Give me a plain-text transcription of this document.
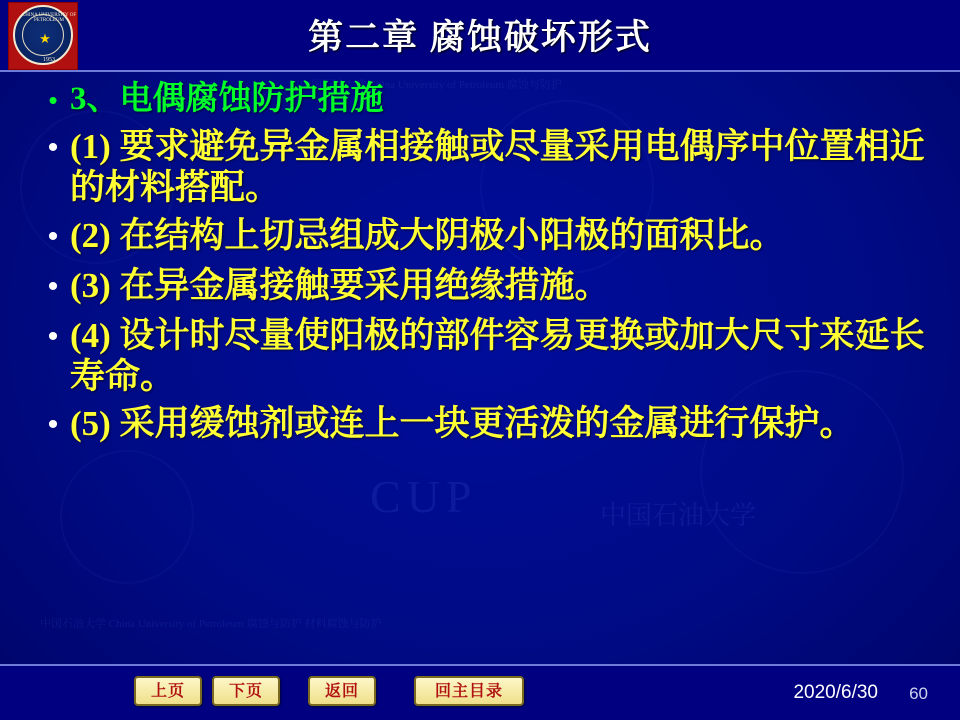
中国石油大学 China University of Petroleum 腐蚀与防护
中国石油大学 China University of Petroleum 腐蚀与防护 材料腐蚀与防护
中国石油大学
CUP
CHINA UNIVERSITY OF PETROLEUM
★
1953
第二章 腐蚀破坏形式
• 3、电偶腐蚀防护措施
• (1) 要求避免异金属相接触或尽量采用电偶序中位置相近的材料搭配。
• (2) 在结构上切忌组成大阴极小阳极的面积比。
• (3) 在异金属接触要采用绝缘措施。
• (4) 设计时尽量使阳极的部件容易更换或加大尺寸来延长寿命。
• (5) 采用缓蚀剂或连上一块更活泼的金属进行保护。
上页	下页	返回	回主目录	2020/6/30 60
